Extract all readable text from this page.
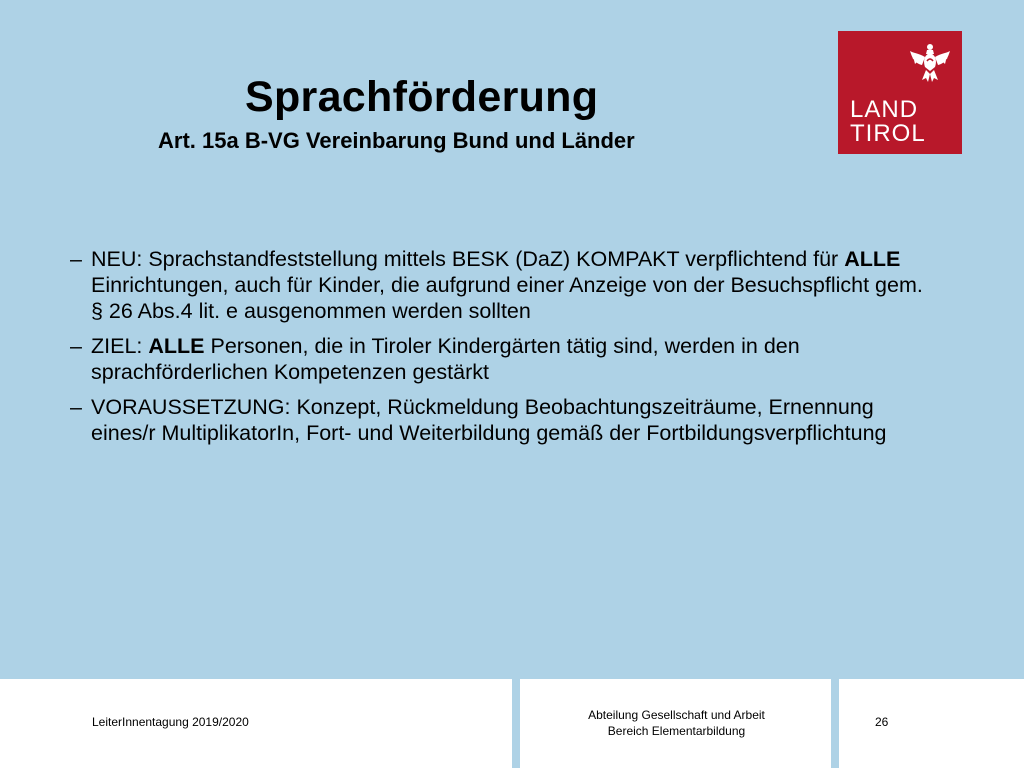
Sprachförderung
Art. 15a B-VG Vereinbarung Bund und Länder
LAND
TIROL
– NEU: Sprachstandfeststellung mittels BESK (DaZ) KOMPAKT verpflichtend für ALLE Einrichtungen, auch für Kinder, die aufgrund einer Anzeige von der Besuchspflicht gem. § 26 Abs.4 lit. e ausgenommen werden sollten
– ZIEL: ALLE Personen, die in Tiroler Kindergärten tätig sind, werden in den sprachförderlichen Kompetenzen gestärkt
– VORAUSSETZUNG: Konzept, Rückmeldung Beobachtungszeiträume, Ernennung eines/r MultiplikatorIn, Fort- und Weiterbildung gemäß der Fortbildungsverpflichtung
LeiterInnentagung 2019/2020	Abteilung Gesellschaft und Arbeit
Bereich Elementarbildung
26
